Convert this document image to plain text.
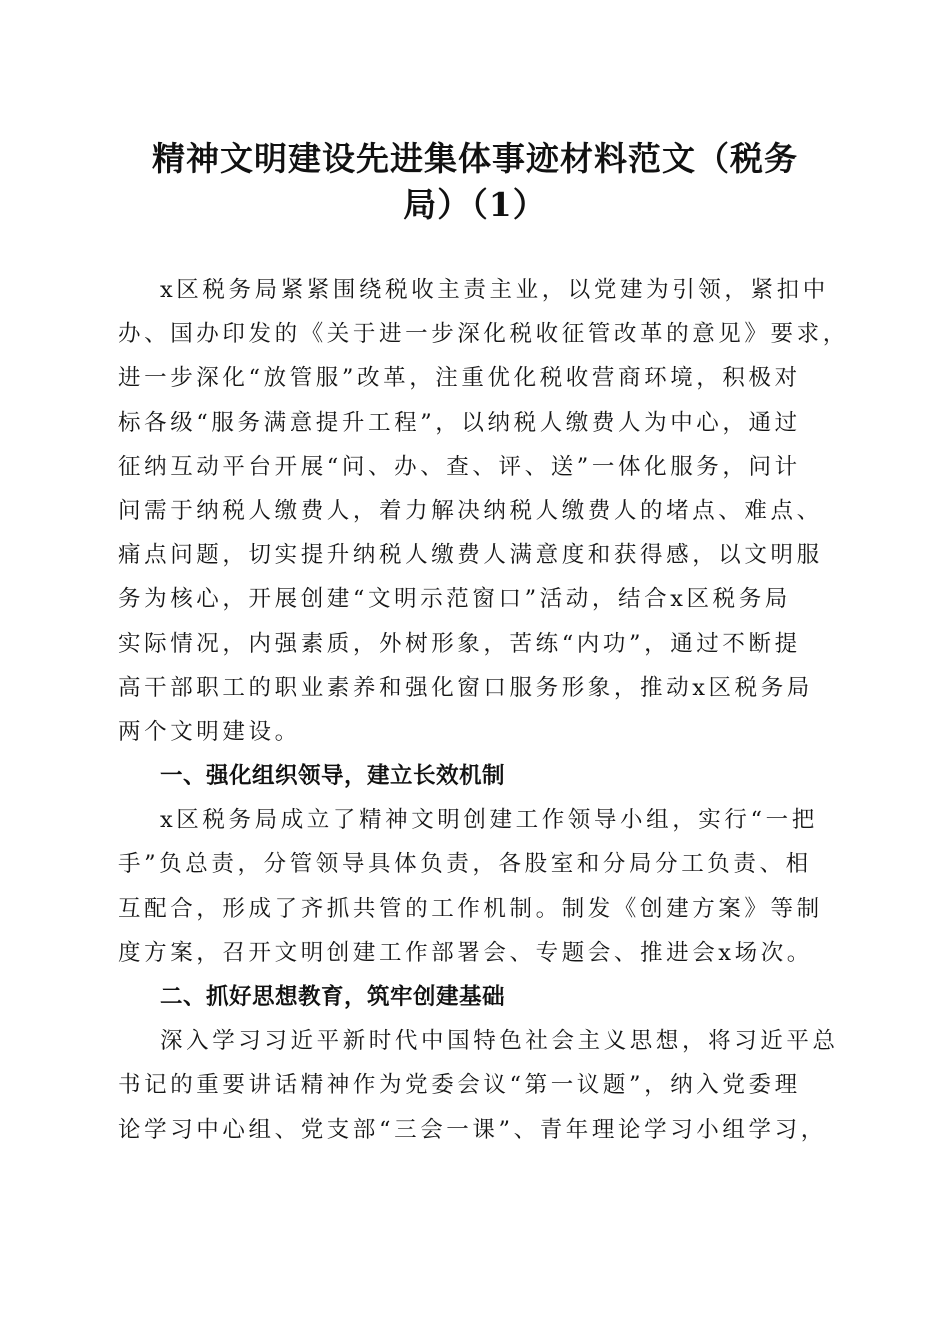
精神文明建设先进集体事迹材料范文（税务
局）（1）
x区税务局紧紧围绕税收主责主业，以党建为引领，紧扣中
办、国办印发的《关于进一步深化税收征管改革的意见》要求，
进一步深化“放管服”改革，注重优化税收营商环境，积极对
标各级“服务满意提升工程”，以纳税人缴费人为中心，通过
征纳互动平台开展“问、办、查、评、送”一体化服务，问计
问需于纳税人缴费人，着力解决纳税人缴费人的堵点、难点、
痛点问题，切实提升纳税人缴费人满意度和获得感，以文明服
务为核心，开展创建“文明示范窗口”活动，结合x区税务局
实际情况，内强素质，外树形象，苦练“内功”，通过不断提
高干部职工的职业素养和强化窗口服务形象，推动x区税务局
两个文明建设。
一、强化组织领导，建立长效机制
x区税务局成立了精神文明创建工作领导小组，实行“一把
手”负总责，分管领导具体负责，各股室和分局分工负责、相
互配合，形成了齐抓共管的工作机制。制发《创建方案》等制
度方案，召开文明创建工作部署会、专题会、推进会x场次。
二、抓好思想教育，筑牢创建基础
深入学习习近平新时代中国特色社会主义思想，将习近平总
书记的重要讲话精神作为党委会议“第一议题”，纳入党委理
论学习中心组、党支部“三会一课”、青年理论学习小组学习，
